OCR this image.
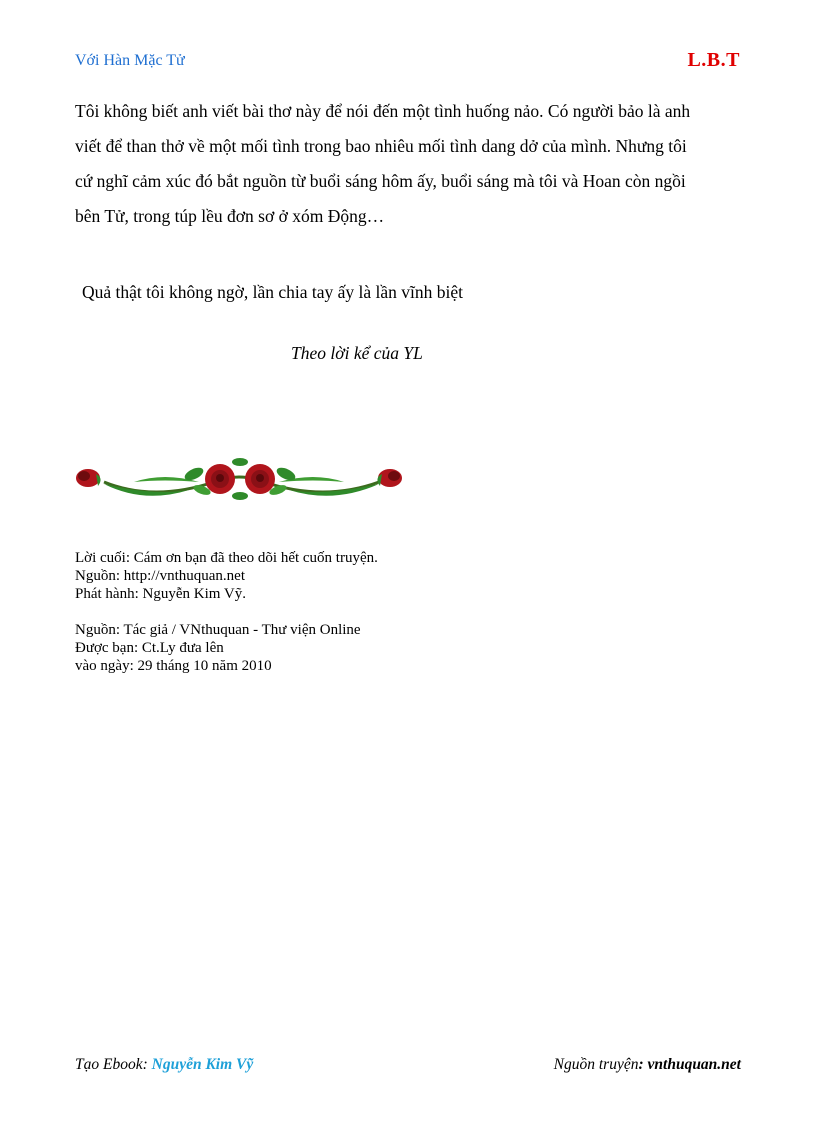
Với Hàn Mặc Tử	L.B.T

Tôi không biết anh viết bài thơ này để nói đến một tình huống nảo. Có người bảo là anh

viết để than thở về một mối tình trong bao nhiêu mối tình dang dở của mình. Nhưng tôi

cứ nghĩ cảm xúc đó bắt nguồn từ buổi sáng hôm ấy, buổi sáng mà tôi và Hoan còn ngồi

bên Tử, trong túp lều đơn sơ ở xóm Động…

Quả thật tôi không ngờ, lần chia tay ấy là lần vĩnh biệt
Theo lời kể của YL
Lời cuối: Cám ơn bạn đã theo dõi hết cuốn truyện.
Nguồn: http://vnthuquan.net
Phát hành: Nguyễn Kim Vỹ.
Nguồn: Tác giả / VNthuquan - Thư viện Online
Được bạn: Ct.Ly đưa lên
vào ngày: 29 tháng 10 năm 2010
Tạo Ebook: Nguyễn Kim Vỹ	Nguồn truyện: vnthuquan.net
